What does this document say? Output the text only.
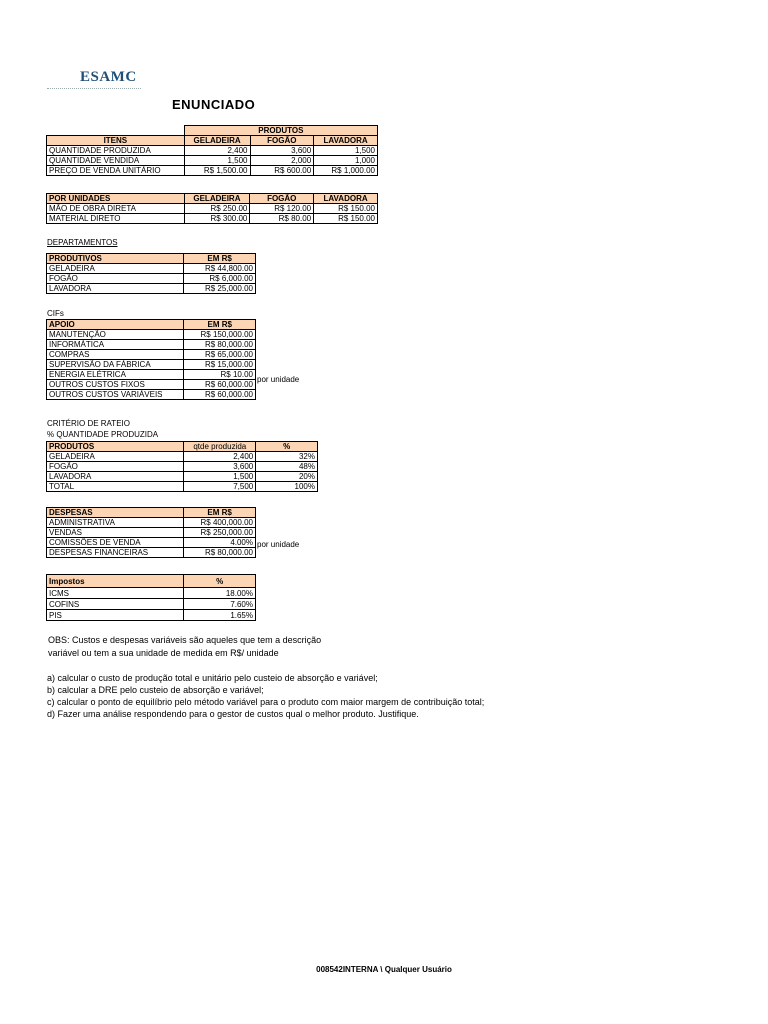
ESAMC
ENUNCIADO
	PRODUTOS		
ITENS	GELADEIRA	FOGÃO	LAVADORA
QUANTIDADE PRODUZIDA	2,400	3,600	1,500
QUANTIDADE VENDIDA	1,500	2,000	1,000
PREÇO DE VENDA UNITÁRIO	R$ 1,500.00	R$ 600.00	R$ 1,000.00
POR UNIDADES	GELADEIRA	FOGÃO	LAVADORA
MÃO DE OBRA DIRETA	R$ 250.00	R$ 120.00	R$ 150.00
MATERIAL DIRETO	R$ 300.00	R$ 80.00	R$ 150.00
DEPARTAMENTOS
PRODUTIVOS	EM R$
GELADEIRA	R$ 44,800.00
FOGÃO	R$ 6,000.00
LAVADORA	R$ 25,000.00
CIFs
APOIO	EM R$
MANUTENÇÃO	R$ 150,000.00
INFORMÁTICA	R$ 80,000.00
COMPRAS	R$ 65,000.00
SUPERVISÃO DA FÁBRICA	R$ 15,000.00
ENERGIA ELÉTRICA	R$ 10.00
OUTROS CUSTOS FIXOS	R$ 60,000.00
OUTROS CUSTOS VARIÁVEIS	R$ 60,000.00
por unidade
CRITÉRIO DE RATEIO
% QUANTIDADE PRODUZIDA
PRODUTOS	qtde produzida	%
GELADEIRA	2,400	32%
FOGÃO	3,600	48%
LAVADORA	1,500	20%
TOTAL	7,500	100%
DESPESAS	EM R$
ADMINISTRATIVA	R$ 400,000.00
VENDAS	R$ 250,000.00
COMISSÕES DE VENDA	4.00%
DESPESAS FINANCEIRAS	R$ 80,000.00
por unidade
Impostos	%
ICMS	18.00%
COFINS	7.60%
PIS	1.65%
OBS: Custos e despesas variáveis são aqueles que tem a descrição
variável ou tem a sua unidade de medida em R$/ unidade
a) calcular o custo de produção total e unitário pelo custeio de absorção e variável;
b) calcular a DRE pelo custeio de absorção e variável;
c) calcular o ponto de equilíbrio pelo método variável para o produto com maior margem de contribuição total;
d) Fazer uma análise respondendo para o gestor de custos qual o melhor produto. Justifique.
008542INTERNA \ Qualquer Usuário
